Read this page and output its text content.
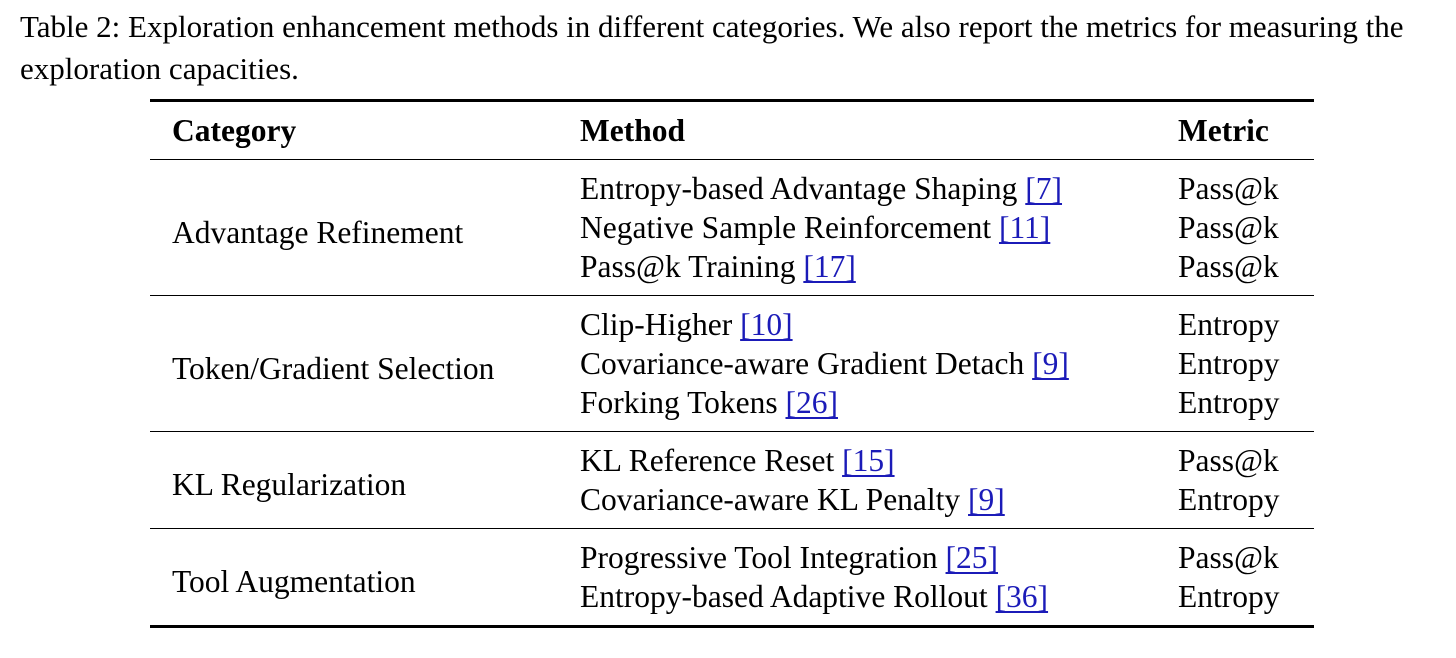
Table 2: Exploration enhancement methods in different categories. We also report the metrics for measuring the exploration capacities.
Category	Method	Metric
Advantage Refinement	Entropy-based Advantage Shaping [7]	Pass@k
	Negative Sample Reinforcement [11]	Pass@k
	Pass@k Training [17]	Pass@k
Token/Gradient Selection	Clip-Higher [10]	Entropy
	Covariance-aware Gradient Detach [9]	Entropy
	Forking Tokens [26]	Entropy
KL Regularization	KL Reference Reset [15]	Pass@k
	Covariance-aware KL Penalty [9]	Entropy
Tool Augmentation	Progressive Tool Integration [25]	Pass@k
	Entropy-based Adaptive Rollout [36]	Entropy
